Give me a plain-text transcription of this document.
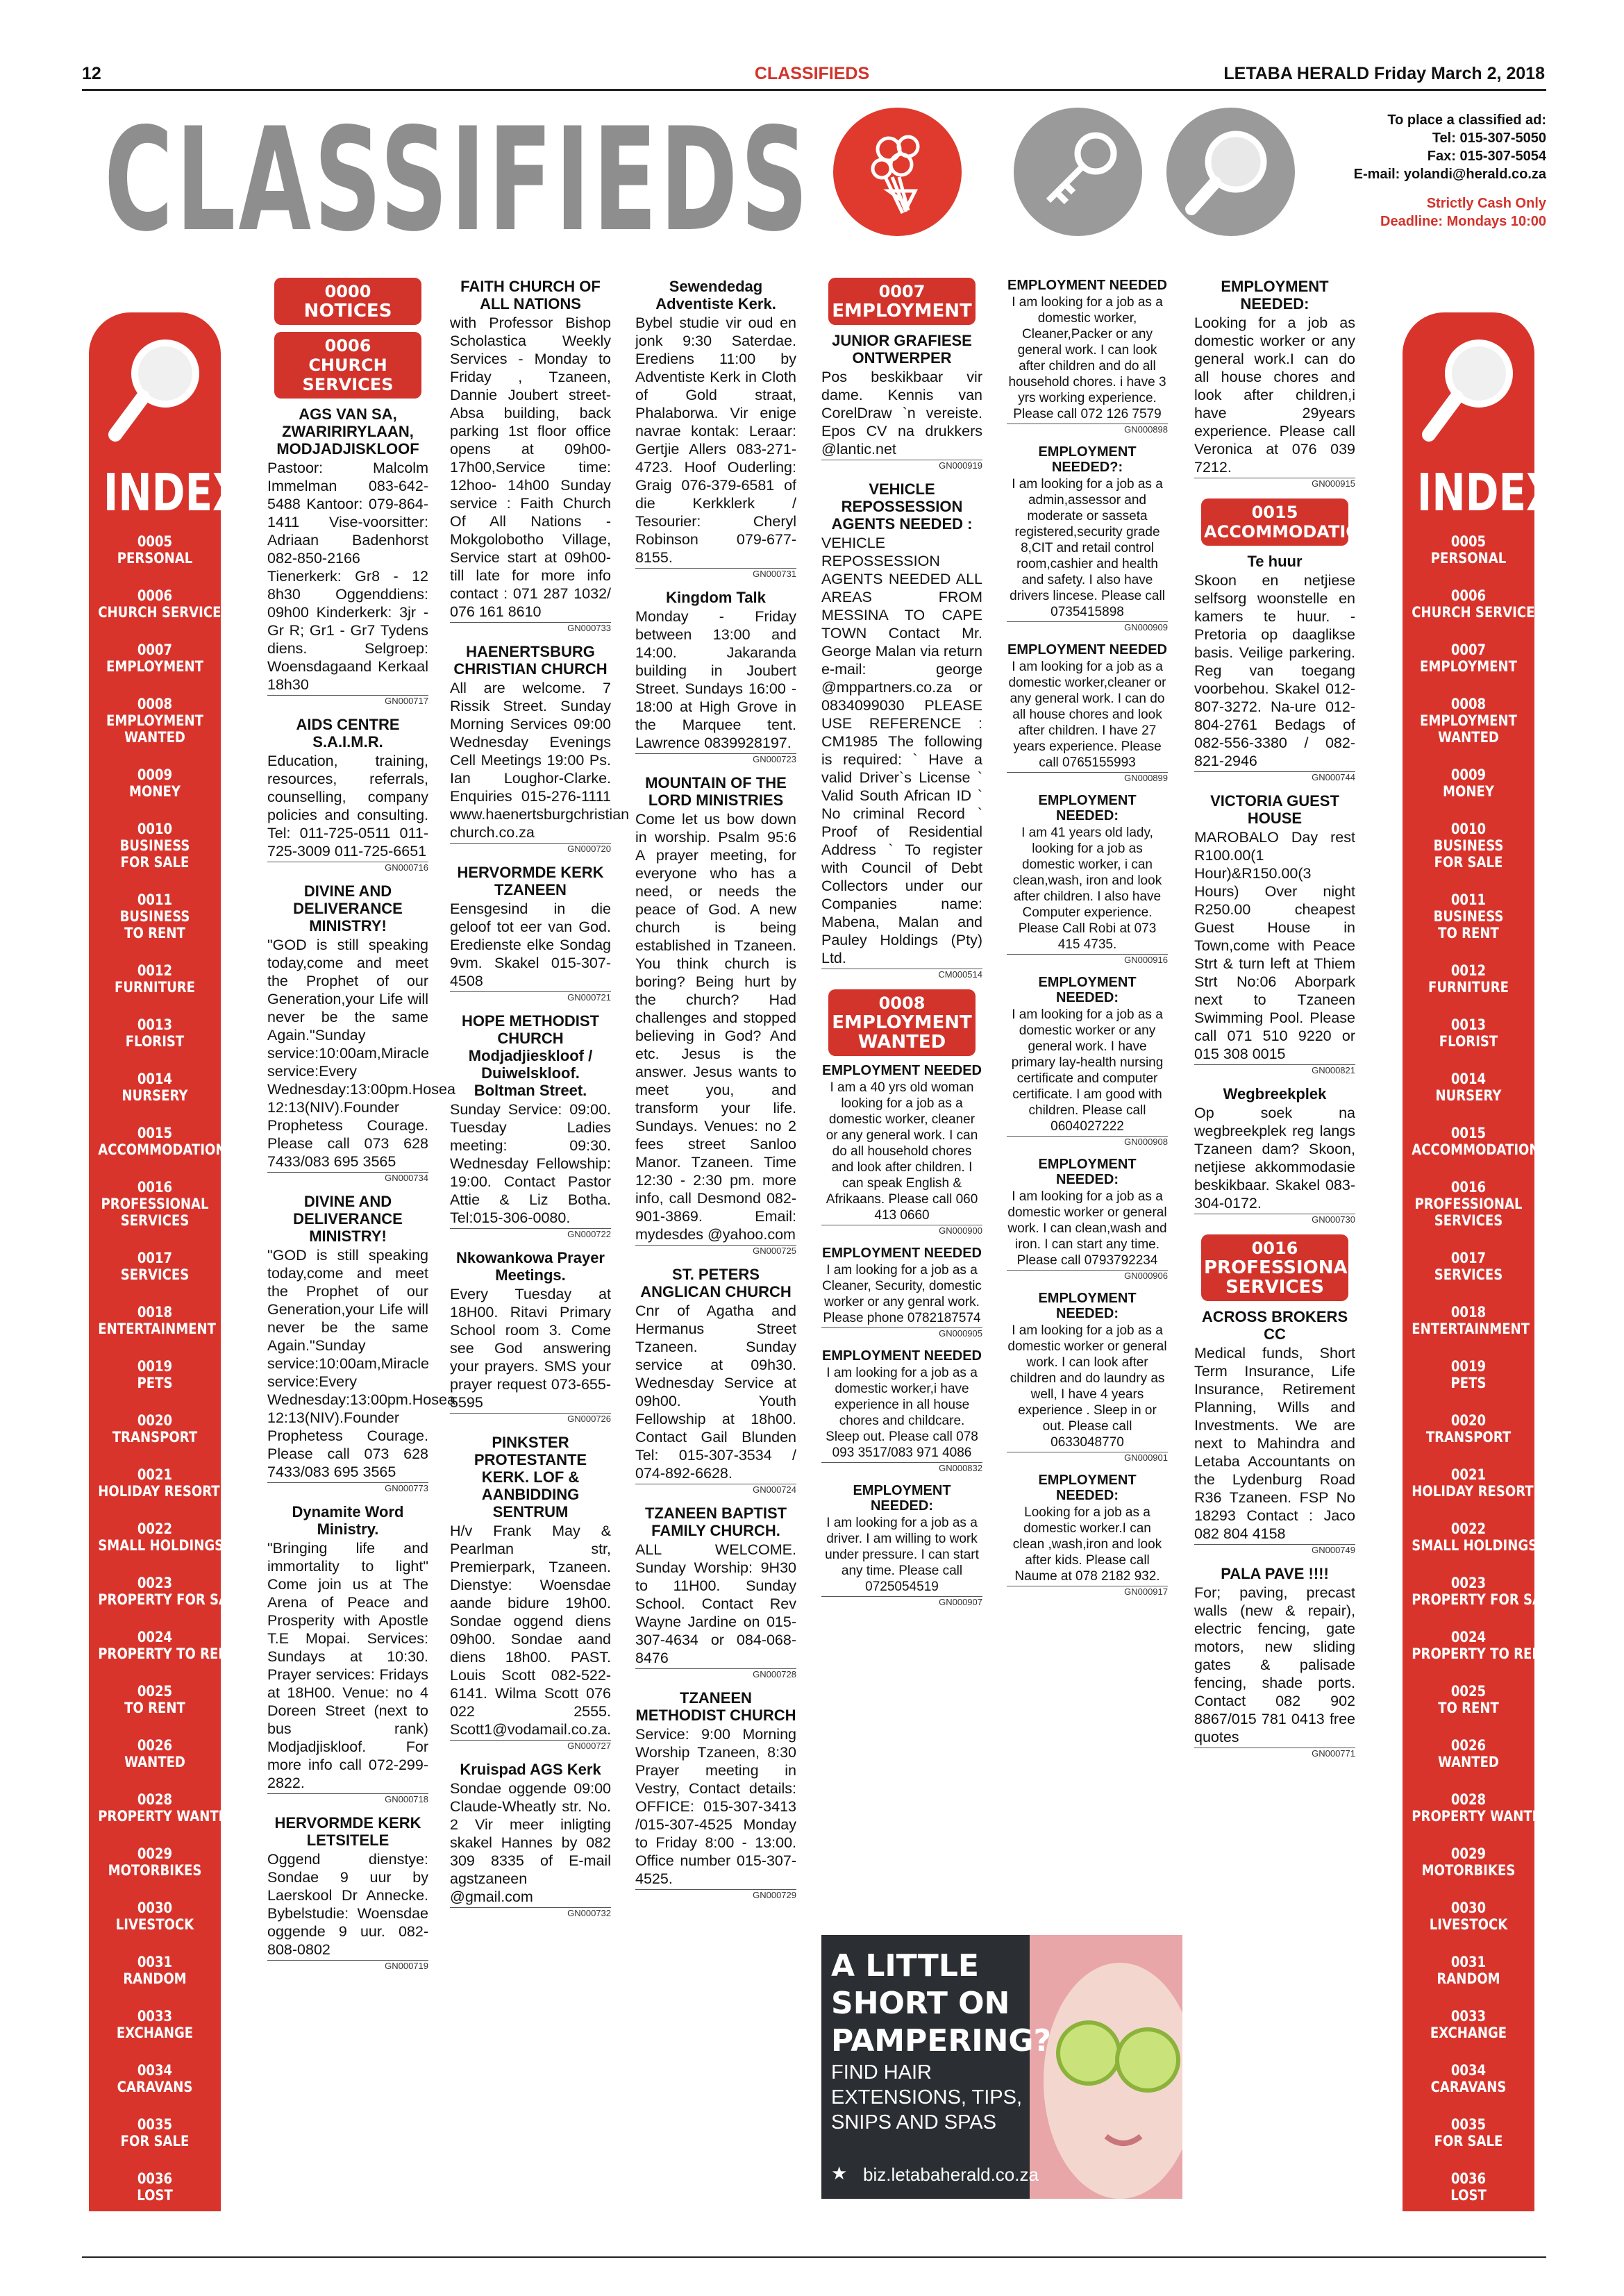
12	CLASSIFIEDS	LETABA HERALD Friday March 2, 2018
CLASSIFIEDS	To place a classified ad:
Tel: 015-307-5050
Fax: 015-307-5054
E-mail: yolandi@herald.co.za
Strictly Cash Only
Deadline: Mondays 10:00
INDEX
0005
PERSONAL
0006
CHURCH SERVICES
0007
EMPLOYMENT
0008
EMPLOYMENT
WANTED
0009
MONEY
0010
BUSINESS
FOR SALE
0011
BUSINESS
TO RENT
0012
FURNITURE
0013
FLORIST
0014
NURSERY
0015
ACCOMMODATION
0016
PROFESSIONAL
SERVICES
0017
SERVICES
0018
ENTERTAINMENT
0019
PETS
0020
TRANSPORT
0021
HOLIDAY RESORTS
0022
SMALL HOLDINGS
0023
PROPERTY FOR SALE
0024
PROPERTY TO RENT
0025
TO RENT
0026
WANTED
0028
PROPERTY WANTED
0029
MOTORBIKES
0030
LIVESTOCK
0031
RANDOM
0033
EXCHANGE
0034
CARAVANS
0035
FOR SALE
0036
LOST
INDEX
0005
PERSONAL
0006
CHURCH SERVICES
0007
EMPLOYMENT
0008
EMPLOYMENT
WANTED
0009
MONEY
0010
BUSINESS
FOR SALE
0011
BUSINESS
TO RENT
0012
FURNITURE
0013
FLORIST
0014
NURSERY
0015
ACCOMMODATION
0016
PROFESSIONAL
SERVICES
0017
SERVICES
0018
ENTERTAINMENT
0019
PETS
0020
TRANSPORT
0021
HOLIDAY RESORTS
0022
SMALL HOLDINGS
0023
PROPERTY FOR SALE
0024
PROPERTY TO RENT
0025
TO RENT
0026
WANTED
0028
PROPERTY WANTED
0029
MOTORBIKES
0030
LIVESTOCK
0031
RANDOM
0033
EXCHANGE
0034
CARAVANS
0035
FOR SALE
0036
LOST
0000
NOTICES
0006
CHURCH SERVICES
AGS VAN SA, ZWARIRIRYLAAN, MODJADJISKLOOF

Pastoor: Malcolm Immelman 083-642-5488 Kantoor: 079-864-1411 Vise-voorsitter: Adriaan Badenhorst 082-850-2166 Tienerkerk: Gr8 - 12 8h30 Oggenddiens: 09h00 Kinderkerk: 3jr - Gr R; Gr1 - Gr7 Tydens diens. Selgroep: Woensdagaand Kerkaal 18h30

GN000717
AIDS CENTRE S.A.I.M.R.

Education, training, resources, referrals, counselling, company policies and consulting. Tel: 011-725-0511 011-725-3009 011-725-6651

GN000716
DIVINE AND DELIVERANCE MINISTRY!

"GOD is still speaking today,come and meet the Prophet of our Generation,your Life will never be the same Again."Sunday service:10:00am,Miracle service:Every Wednesday:13:00pm.Hosea 12:13(NIV).Founder Prophetess Courage. Please call 073 628 7433/083 695 3565

GN000734
DIVINE AND DELIVERANCE MINISTRY!

"GOD is still speaking today,come and meet the Prophet of our Generation,your Life will never be the same Again."Sunday service:10:00am,Miracle service:Every Wednesday:13:00pm.Hosea 12:13(NIV).Founder Prophetess Courage. Please call 073 628 7433/083 695 3565

GN000773
Dynamite Word Ministry.

"Bringing life and immortality to light" Come join us at The Arena of Peace and Prosperity with Apostle T.E Mopai. Services: Sundays at 10:30. Prayer services: Fridays at 18H00. Venue: no 4 Doreen Street (next to bus rank) Modjadjiskloof. For more info call 072-299-2822.

GN000718
HERVORMDE KERK LETSITELE

Oggend dienstye: Sondae 9 uur by Laerskool Dr Annecke. Bybelstudie: Woensdae oggende 9 uur. 082-808-0802

GN000719
FAITH CHURCH OF ALL NATIONS

with Professor Bishop Scholastica Weekly Services - Monday to Friday , Tzaneen, Dannie Joubert street- Absa building, back parking 1st floor office opens at 09h00-17h00,Service time: 12hoo- 14h00 Sunday service : Faith Church Of All Nations -Mokgolobotho Village, Service start at 09h00-till late for more info contact : 071 287 1032/ 076 161 8610

GN000733
HAENERTSBURG CHRISTIAN CHURCH

All are welcome. 7 Rissik Street. Sunday Morning Services 09:00 Wednesday Evenings Cell Meetings 19:00 Ps. Ian Loughor-Clarke. Enquiries 015-276-1111 www.haenertsburgchristian church.co.za

GN000720
HERVORMDE KERK TZANEEN

Eensgesind in die geloof tot eer van God. Eredienste elke Sondag 9vm. Skakel 015-307-4508

GN000721
HOPE METHODIST CHURCH Modjadjieskloof / Duiwelskloof. Boltman Street.

Sunday Service: 09:00. Tuesday Ladies meeting: 09:30. Wednesday Fellowship: 19:00. Contact Pastor Attie & Liz Botha. Tel:015-306-0080.

GN000722
Nkowankowa Prayer Meetings.

Every Tuesday at 18H00. Ritavi Primary School room 3. Come see God answering your prayers. SMS your prayer request 073-655-5595

GN000726
PINKSTER PROTESTANTE KERK. LOF & AANBIDDING SENTRUM

H/v Frank May & Pearlman str, Premierpark, Tzaneen. Dienstye: Woensdae aande bidure 19h00. Sondae oggend diens 09h00. Sondae aand diens 18h00. PAST. Louis Scott 082-522-6141. Wilma Scott 076 022 2555. Scott1@vodamail.co.za.

GN000727
Kruispad AGS Kerk

Sondae oggende 09:00 Claude-Wheatly str. No. 2 Vir meer inligting skakel Hannes by 082 309 8335 of E-mail agstzaneen @gmail.com

GN000732
Sewendedag Adventiste Kerk.

Bybel studie vir oud en jonk 9:30 Saterdae. Erediens 11:00 by Adventiste Kerk in Cloth of Gold straat, Phalaborwa. Vir enige navrae kontak: Leraar: Gertjie Allers 083-271-4723. Hoof Ouderling: Graig 076-379-6581 of die Kerkklerk / Tesourier: Cheryl Robinson 079-677-8155.

GN000731
Kingdom Talk

Monday - Friday between 13:00 and 14:00. Jakaranda building in Joubert Street. Sundays 16:00 - 18:00 at High Grove in the Marquee tent. Lawrence 0839928197.

GN000723
MOUNTAIN OF THE LORD MINISTRIES

Come let us bow down in worship. Psalm 95:6 A prayer meeting, for everyone who has a need, or needs the peace of God. A new church is being established in Tzaneen. You think church is boring? Being hurt by the church? Had challenges and stopped believing in God? And etc. Jesus is the answer. Jesus wants to meet you, and transform your life. Sundays. Venues: no 2 fees street Sanloo Manor. Tzaneen. Time 12:30 - 2:30 pm. more info, call Desmond 082-901-3869. Email: mydesdes @yahoo.com

GN000725
ST. PETERS ANGLICAN CHURCH

Cnr of Agatha and Hermanus Street Tzaneen. Sunday service at 09h30. Wednesday Service at 09h00. Youth Fellowship at 18h00. Contact Gail Blunden Tel: 015-307-3534 / 074-892-6628.

GN000724
TZANEEN BAPTIST FAMILY CHURCH.

ALL WELCOME. Sunday Worship: 9H30 to 11H00. Sunday School. Contact Rev Wayne Jardine on 015-307-4634 or 084-068-8476

GN000728
TZANEEN METHODIST CHURCH

Service: 9:00 Morning Worship Tzaneen, 8:30 Prayer meeting in Vestry, Contact details: OFFICE: 015-307-3413 /015-307-4525 Monday to Friday 8:00 - 13:00. Office number 015-307-4525.

GN000729
0007
EMPLOYMENT
JUNIOR GRAFIESE ONTWERPER

Pos beskikbaar vir dame. Kennis van CorelDraw `n vereiste. Epos CV na drukkers @lantic.net

GN000919
VEHICLE REPOSSESSION AGENTS NEEDED :

VEHICLE REPOSSESSION AGENTS NEEDED ALL AREAS FROM MESSINA TO CAPE TOWN Contact Mr. George Malan via return e-mail: george @mppartners.co.za or 0834099030 PLEASE USE REFERENCE : CM1985 The following is required: ` Have a valid Driver`s License ` Valid South African ID ` No criminal Record ` Proof of Residential Address ` To register with Council of Debt Collectors under our Companies name: Mabena, Malan and Pauley Holdings (Pty) Ltd.

CM000514
0008
EMPLOYMENT
WANTED
EMPLOYMENT NEEDED

I am a 40 yrs old woman looking for a job as a domestic worker, cleaner or any general work. I can do all household chores and look after children. I can speak English & Afrikaans. Please call 060 413 0660

GN000900
EMPLOYMENT NEEDED

I am looking for a job as a Cleaner, Security, domestic worker or any genral work. Please phone 0782187574

GN000905
EMPLOYMENT NEEDED

I am looking for a job as a domestic worker,i have experience in all house chores and childcare. Sleep out. Please call 078 093 3517/083 971 4086

GN000832
EMPLOYMENT NEEDED:

I am looking for a job as a driver. I am willing to work under pressure. I can start any time. Please call 0725054519

GN000907
EMPLOYMENT NEEDED

I am looking for a job as a domestic worker, Cleaner,Packer or any general work. I can look after children and do all household chores. i have 3 yrs working experience. Please call 072 126 7579

GN000898
EMPLOYMENT NEEDED?:

I am looking for a job as a admin,assessor and moderate or sasseta registered,security grade 8,CIT and retail control room,cashier and health and safety. I also have drivers lincese. Please call 0735415898

GN000909
EMPLOYMENT NEEDED

I am looking for a job as a domestic worker,cleaner or any general work. I can do all house chores and look after children. I have 27 years experience. Please call 0765155993

GN000899
EMPLOYMENT NEEDED:

I am 41 years old lady, looking for a job as domestic worker, i can clean,wash, iron and look after children. I also have Computer experience. Please Call Robi at 073 415 4735.

GN000916
EMPLOYMENT NEEDED:

I am looking for a job as a domestic worker or any general work. I have primary lay-health nursing certificate and computer certificate. I am good with children. Please call 0604027222

GN000908
EMPLOYMENT NEEDED:

I am looking for a job as a domestic worker or general work. I can clean,wash and iron. I can start any time. Please call 0793792234

GN000906
EMPLOYMENT NEEDED:

I am looking for a job as a domestic worker or general work. I can look after children and do laundry as well, I have 4 years experience . Sleep in or out. Please call 0633048770

GN000901
EMPLOYMENT NEEDED:

Looking for a job as a domestic worker.I can clean ,wash,iron and look after kids. Please call Naume at 078 2182 932.

GN000917
EMPLOYMENT NEEDED:

Looking for a job as domestic worker or any general work.I can do all house chores and look after children,i have 29years experience. Please call Veronica at 076 039 7212.

GN000915
0015
ACCOMMODATION
Te huur

Skoon en netjiese selfsorg woonstelle en kamers te huur. - Pretoria op daaglikse basis. Veilige parkering. Reg van toegang voorbehou. Skakel 012-807-3272. Na-ure 012-804-2761 Bedags of 082-556-3380 / 082-821-2946

GN000744
VICTORIA GUEST HOUSE

MAROBALO Day rest R100.00(1 Hour)&R150.00(3 Hours) Over night R250.00 cheapest Guest House in Town,come with Peace Strt & turn left at Thiem Strt No:06 Aborpark next to Tzaneen Swimming Pool. Please call 071 510 9220 or 015 308 0015

GN000821
Wegbreekplek

Op soek na wegbreekplek reg langs Tzaneen dam? Skoon, netjiese akkommodasie beskikbaar. Skakel 083-304-0172.

GN000730
0016
PROFESSIONAL
SERVICES
ACROSS BROKERS CC

Medical funds, Short Term Insurance, Life Insurance, Retirement Planning, Wills and Investments. We are next to Mahindra and Letaba Accountants on the Lydenburg Road R36 Tzaneen. FSP No 18293 Contact : Jaco 082 804 4158

GN000749
PALA PAVE !!!!

For; paving, precast walls (new & repair), electric fencing, gate motors, new sliding gates & palisade fencing, shade ports. Contact 082 902 8867/015 781 0413 free quotes

GN000771
A LITTLE SHORT ON PAMPERING?
FIND HAIR EXTENSIONS, TIPS, SNIPS AND SPAS
★ biz.letabaherald.co.za
